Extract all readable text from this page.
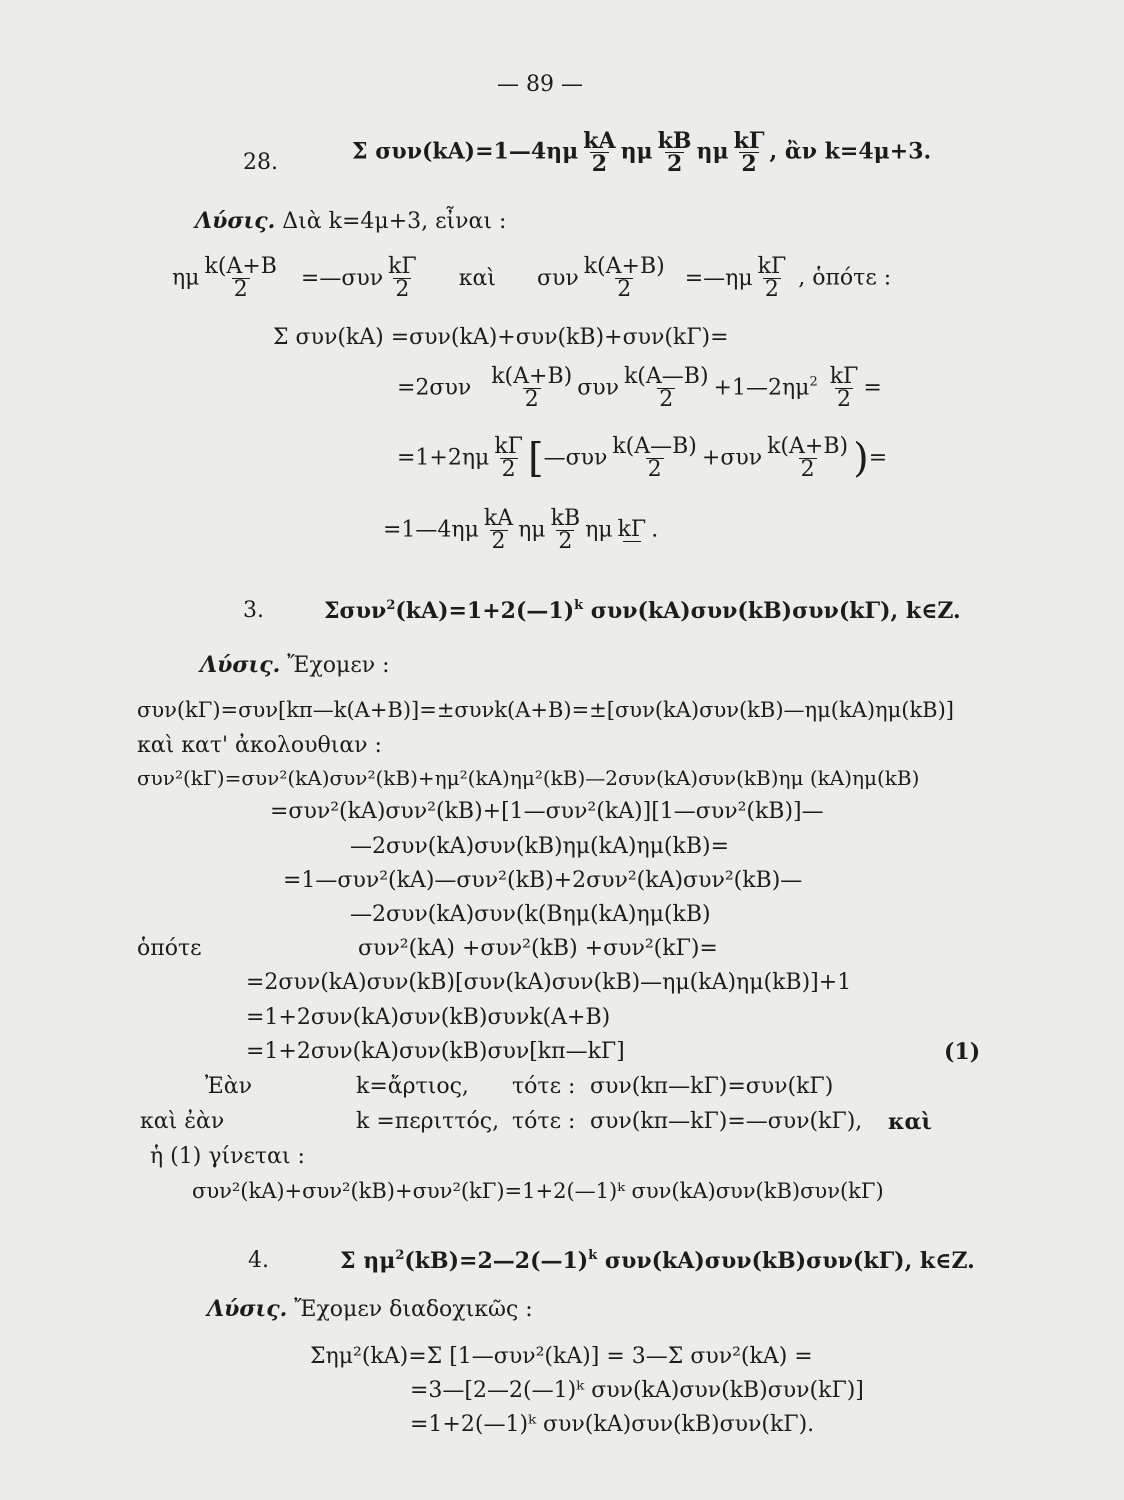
— 89 —
28.	Σ συν(kA)=1—4ημ $\frac{kA}{2}$ ημ $\frac{kB}{2}$ ημ $\frac{k\Gamma}{2}$ , ἂν k=4μ+3.
Λύσις. Διὰ k=4μ+3, εἶναι :
ημ $\frac{k(A+B}{2}$ =—συν $\frac{k\Gamma}{2}$ καὶ συν $\frac{k(A+B)}{2}$ =—ημ $\frac{k\Gamma}{2}$ , ὁπότε :
Σ συν(kA) =συν(kA)+συν(kB)+συν(kΓ)=
$=2\sigma\upsilon\nu \frac{k(A+B)}{2}$ συν $\frac{k(A—B)}{2}$ $+1—2\eta\mu^2 \frac{k\Gamma}{2}$ =
$=1+2\eta\mu \frac{k\Gamma}{2}$ [—συν $\frac{k(A—B)}{2} +\sigma\upsilon\nu \frac{k(A+B)}{2}$ )=
=1—4ημ $\frac{kA}{2}$ ημ $\frac{kB}{2}$ ημ kΓ .
3.	Σσυν$^2$(kA)=1+2(—1)$^k$ συν(kA)συν(kB)συν(kΓ), k∈Z.
Λύσις. Ἔχομεν :
συν(kΓ)=συν[kπ—k(A+B)]=±συνk(A+B)=±[συν(kA)συν(kB)—ημ(kA)ημ(kB)]
καὶ κατ' ἀκολουθιαν :
συν²(kΓ)=συν²(kA)συν²(kB)+ημ²(kA)ημ²(kB)—2συν(kA)συν(kB)ημ (kA)ημ(kB)
=συν²(kA)συν²(kB)+[1—συν²(kA)][1—συν²(kB)]—
—2συν(kA)συν(kB)ημ(kA)ημ(kB)=
=1—συν²(kA)—συν²(kB)+2συν²(kA)συν²(kB)—
—2συν(kA)συν(k(Bημ(kA)ημ(kB)
ὁπότε	συν²(kA) +συν²(kB) +συν²(kΓ)=
=2συν(kA)συν(kB)[συν(kA)συν(kB)—ημ(kA)ημ(kB)]+1
=1+2συν(kA)συν(kB)συνk(A+B)
=1+2συν(kA)συν(kB)συν[kπ—kΓ]	(1)
Ἐὰν	k=ἄρτιος, τότε : συν(kπ—kΓ)=συν(kΓ)
καὶ ἐὰν	k =περιττός, τότε : συν(kπ—kΓ)=—συν(kΓ), καὶ
ἡ (1) γίνεται :
συν²(kA)+συν²(kB)+συν²(kΓ)=1+2(—1)ᵏ συν(kA)συν(kB)συν(kΓ)
4.	Σ $\eta\mu^2(kB)=2—2(—1)^k$ συν(kA)συν(kB)συν(kΓ), k∈Z.
Λύσις. Ἔχομεν διαδοχικῶς :
Σημ²(kA)=Σ [1—συν²(kA)] = 3—Σ συν²(kA) =
=3—[2—2(—1)ᵏ συν(kA)συν(kB)συν(kΓ)]
=1+2(—1)ᵏ συν(kA)συν(kB)συν(kΓ).
